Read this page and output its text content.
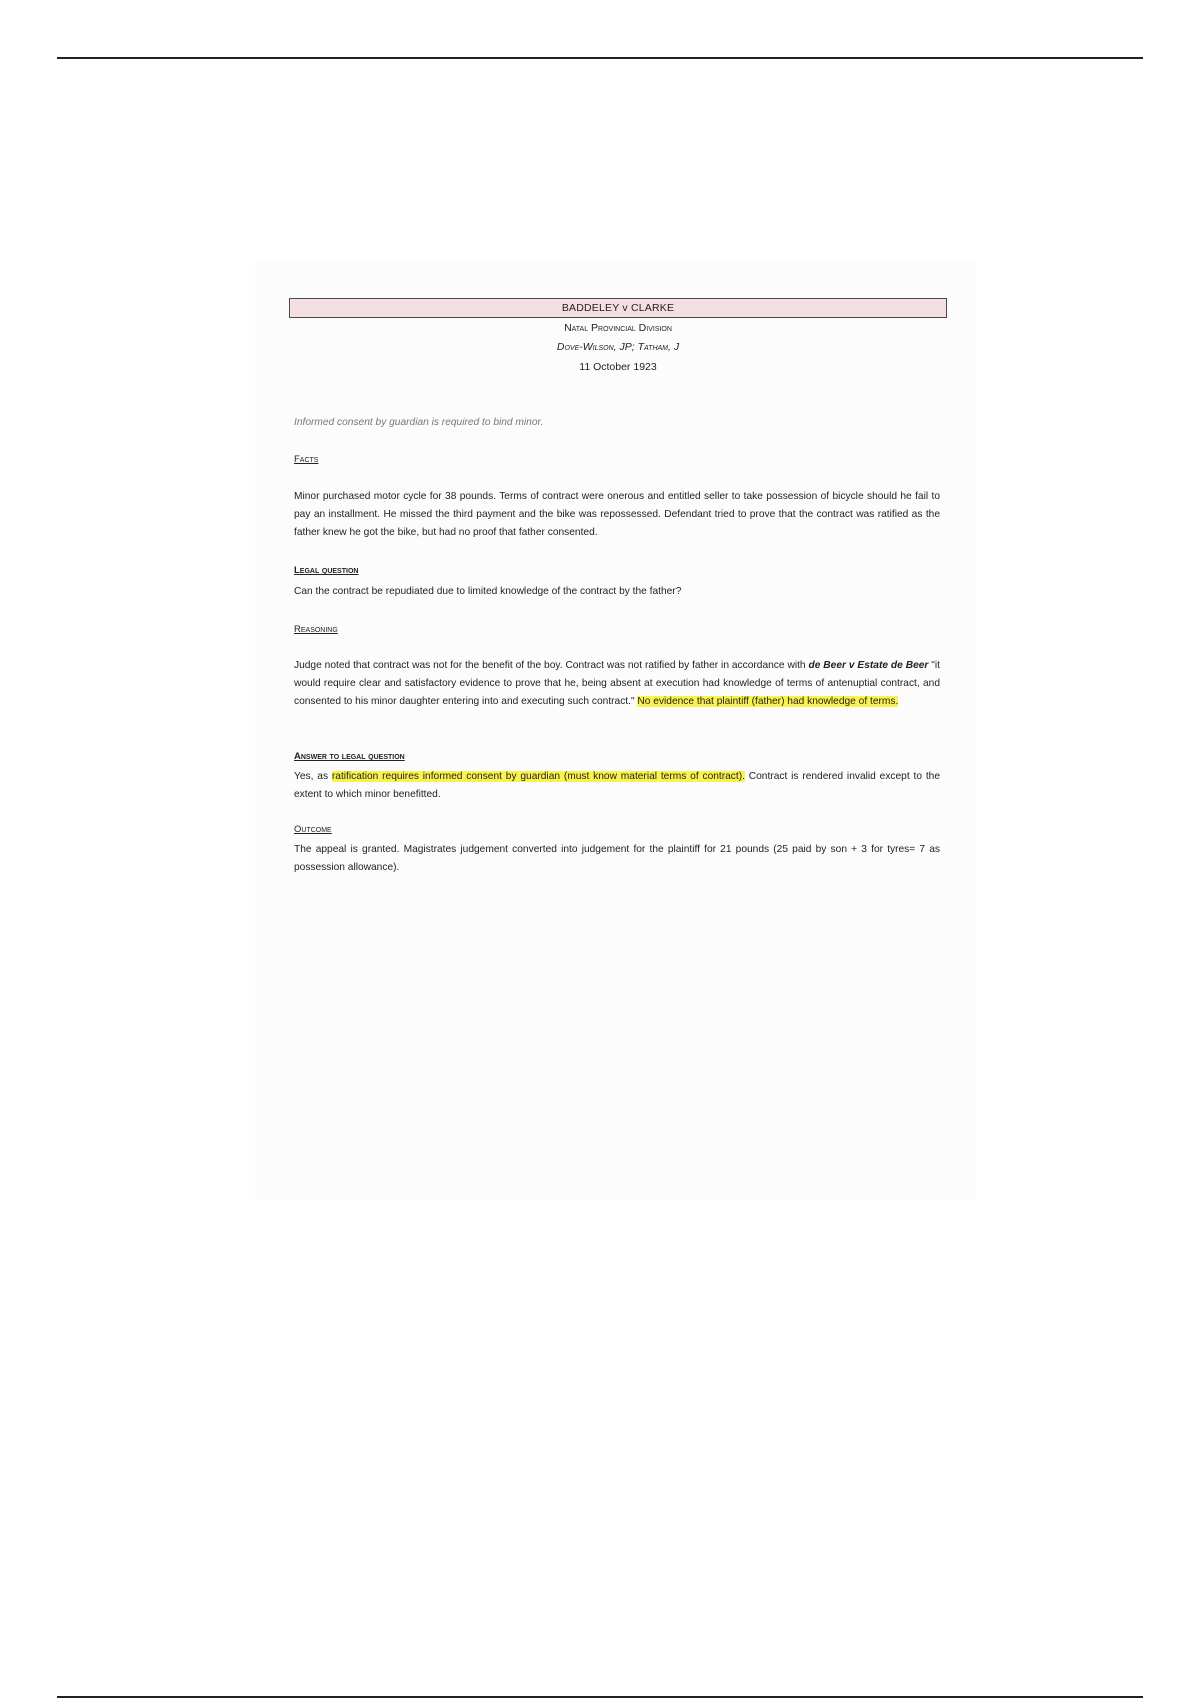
BADDELEY v CLARKE
Natal Provincial Division
Dove-Wilson, JP; Tatham, J
11 October 1923
Informed consent by guardian is required to bind minor.
Facts
Minor purchased motor cycle for 38 pounds. Terms of contract were onerous and entitled seller to take possession of bicycle should he fail to pay an installment. He missed the third payment and the bike was repossessed. Defendant tried to prove that the contract was ratified as the father knew he got the bike, but had no proof that father consented.
Legal question
Can the contract be repudiated due to limited knowledge of the contract by the father?
Reasoning
Judge noted that contract was not for the benefit of the boy. Contract was not ratified by father in accordance with de Beer v Estate de Beer "it would require clear and satisfactory evidence to prove that he, being absent at execution had knowledge of terms of antenuptial contract, and consented to his minor daughter entering into and executing such contract." No evidence that plaintiff (father) had knowledge of terms.
Answer to legal question
Yes, as ratification requires informed consent by guardian (must know material terms of contract). Contract is rendered invalid except to the extent to which minor benefitted.
Outcome
The appeal is granted. Magistrates judgement converted into judgement for the plaintiff for 21 pounds (25 paid by son + 3 for tyres= 7 as possession allowance).
